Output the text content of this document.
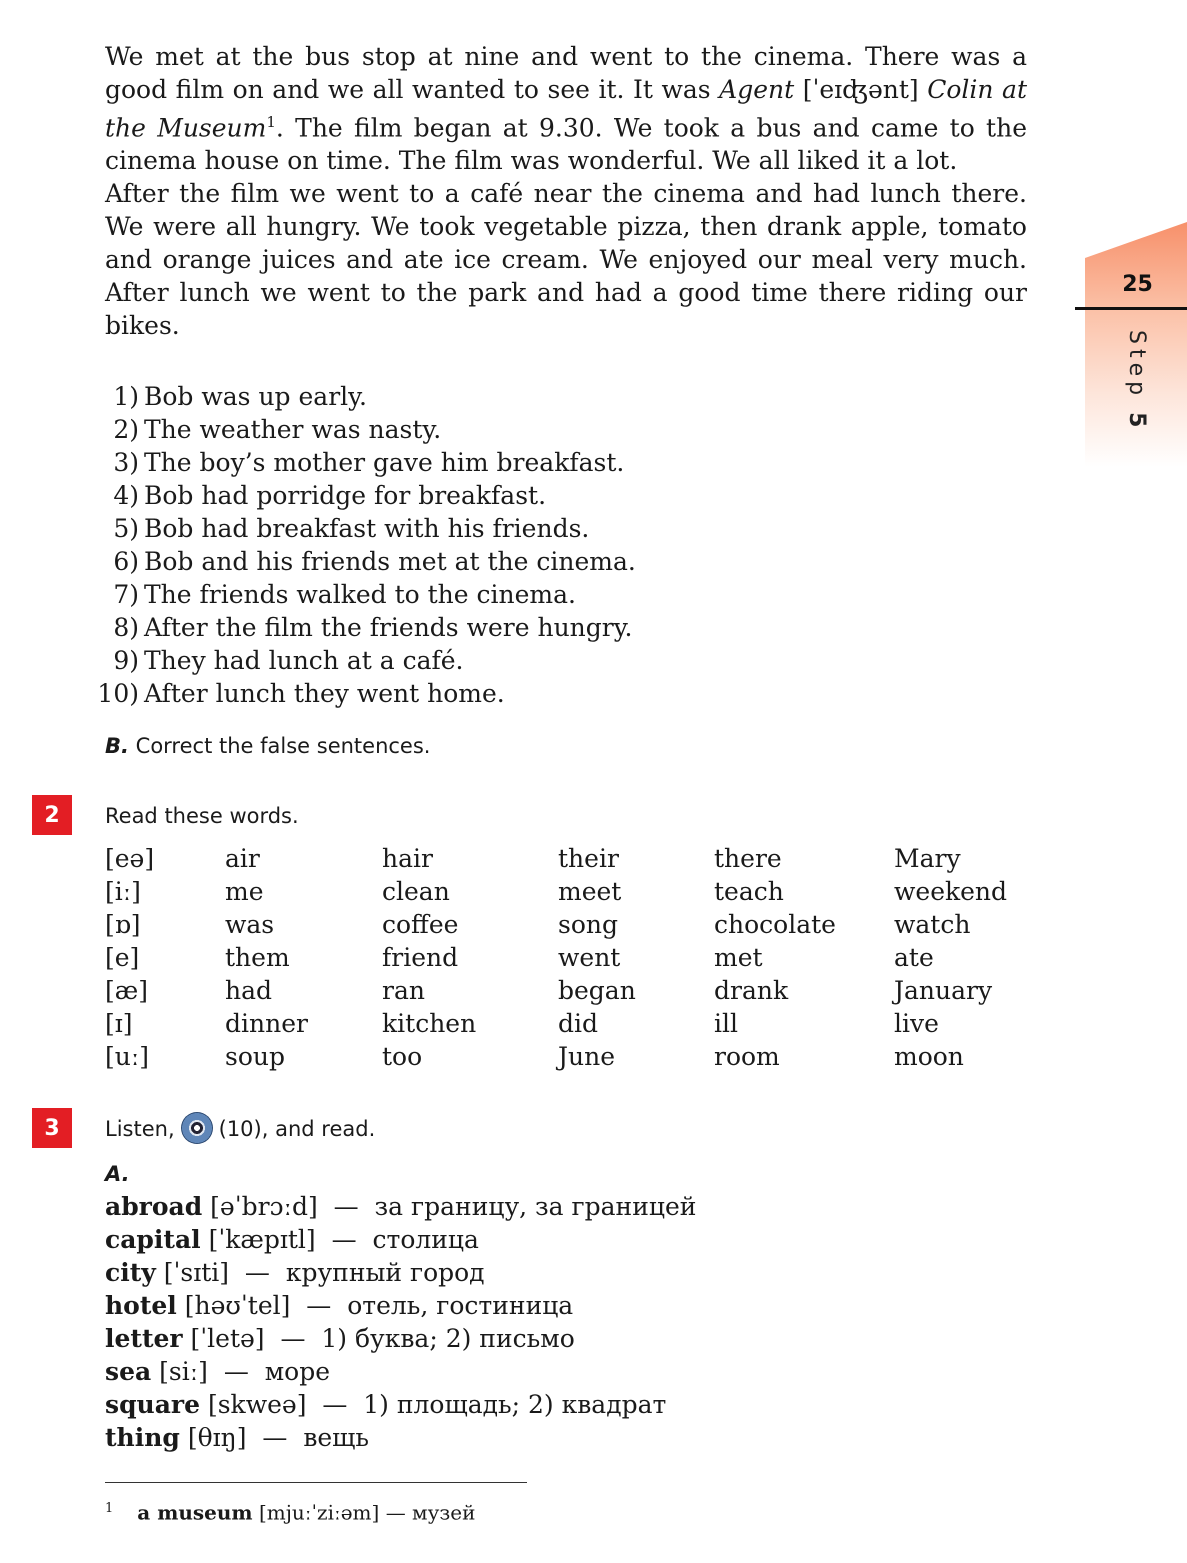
25
Step 5

We met at the bus stop at nine and went to the cinema. There was a good film on and we all wanted to see it. It was Agent [ˈeɪʤənt] Colin at the Museum$^1$. The film began at 9.30. We took a bus and came to the cinema house on time. The film was wonderful. We all liked it a lot.

After the film we went to a café near the cinema and had lunch there. We were all hungry. We took vegetable pizza, then drank apple, tomato and orange juices and ate ice cream. We enjoyed our meal very much. After lunch we went to the park and had a good time there riding our bikes.

1) Bob was up early.
2) The weather was nasty.
3) The boy’s mother gave him breakfast.
4) Bob had porridge for breakfast.
5) Bob had breakfast with his friends.
6) Bob and his friends met at the cinema.
7) The friends walked to the cinema.
8) After the film the friends were hungry.
9) They had lunch at a café.
10) After lunch they went home.
B. Correct the false sentences.
2	Read these words.
[eə]	air	hair	their	there	Mary
[iː]	me	clean	meet	teach	weekend
[ɒ]	was	coffee	song	chocolate	watch
[e]	them	friend	went	met	ate
[æ]	had	ran	began	drank	January
[ɪ]	dinner	kitchen	did	ill	live
[uː]	soup	too	June	room	moon
3	Listen, (10), and read.
A.
abroad [əˈbrɔːd] — за границу, за границей
capital [ˈkæpɪtl] — столица
city [ˈsɪti] — крупный город
hotel [həʊˈtel] — отель, гостиница
letter [ˈletə] — 1) буква; 2) письмо
sea [siː] — море
square [skweə] — 1) площадь; 2) квадрат
thing [θɪŋ] — вещь
$^1$ a museum [mjuːˈziːəm] — музей
